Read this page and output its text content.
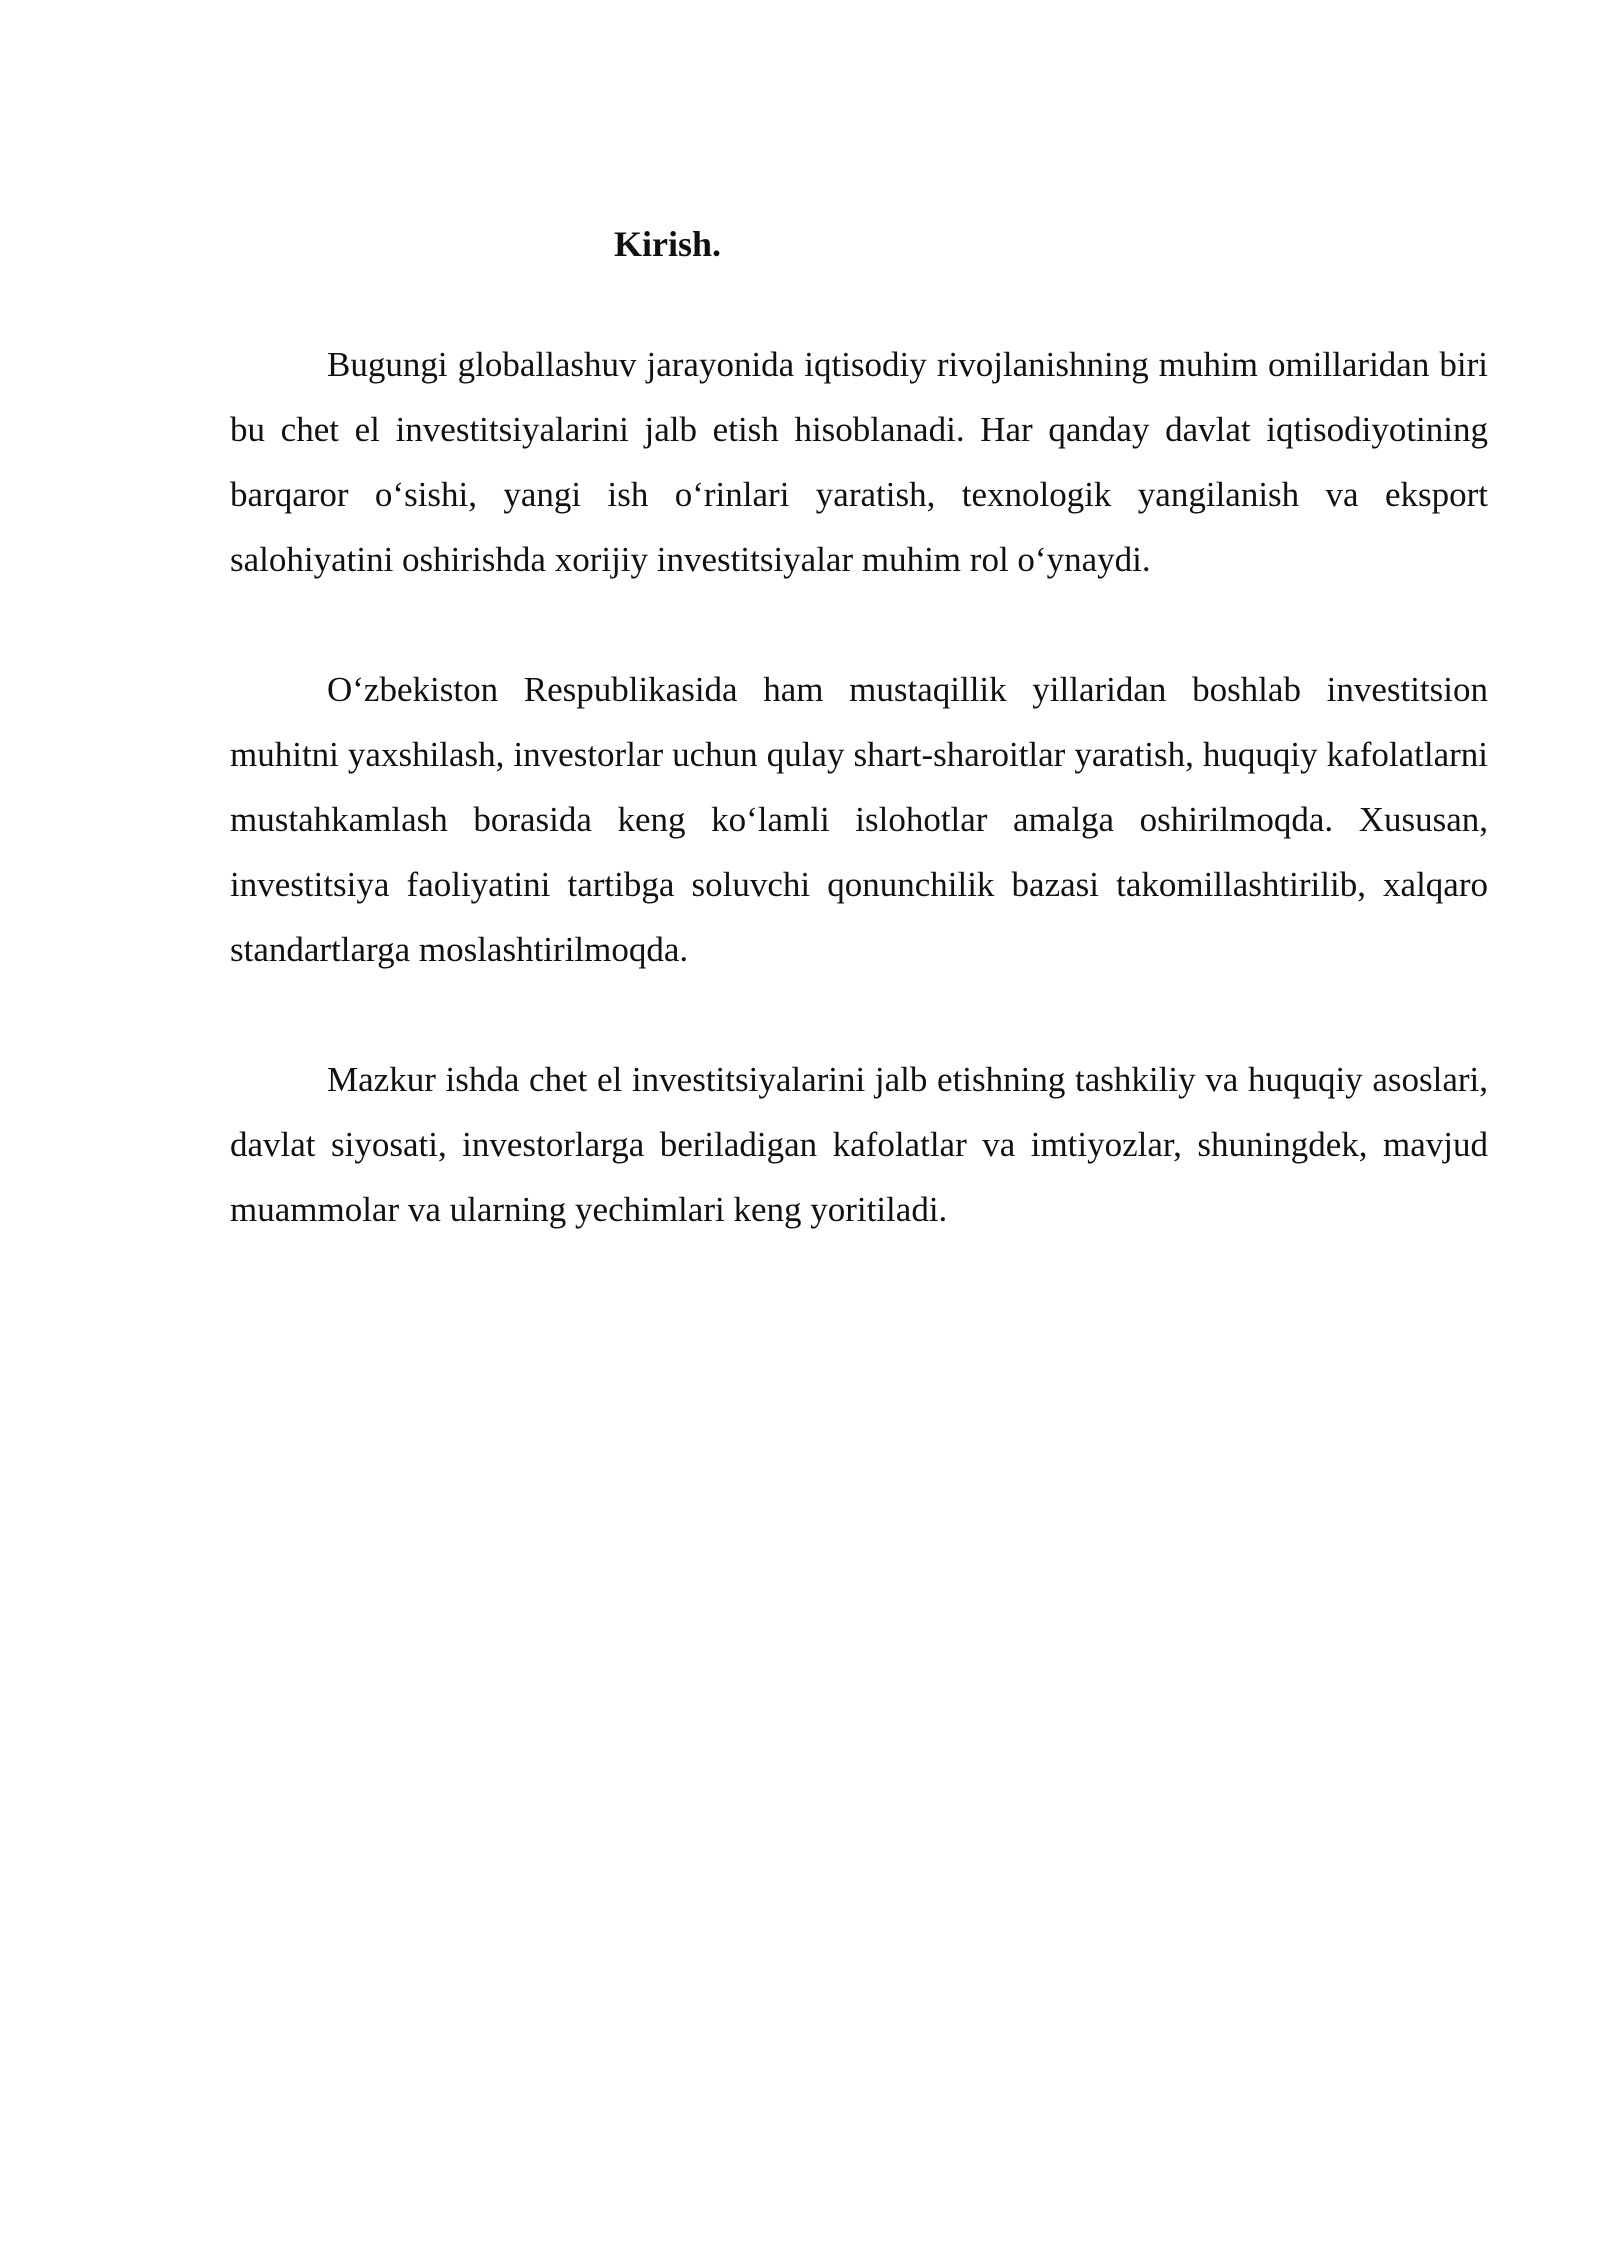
Kirish.

Bugungi globallashuv jarayonida iqtisodiy rivojlanishning muhim omillaridan biri bu chet el investitsiyalarini jalb etish hisoblanadi. Har qanday davlat iqtisodiyotining barqaror o‘sishi, yangi ish o‘rinlari yaratish, texnologik yangilanish va eksport salohiyatini oshirishda xorijiy investitsiyalar muhim rol o‘ynaydi.

O‘zbekiston Respublikasida ham mustaqillik yillaridan boshlab investitsion muhitni yaxshilash, investorlar uchun qulay shart-sharoitlar yaratish, huquqiy kafolatlarni mustahkamlash borasida keng ko‘lamli islohotlar amalga oshirilmoqda. Xususan, investitsiya faoliyatini tartibga soluvchi qonunchilik bazasi takomillashtirilib, xalqaro standartlarga moslashtirilmoqda.

Mazkur ishda chet el investitsiyalarini jalb etishning tashkiliy va huquqiy asoslari, davlat siyosati, investorlarga beriladigan kafolatlar va imtiyozlar, shuningdek, mavjud muammolar va ularning yechimlari keng yoritiladi.
